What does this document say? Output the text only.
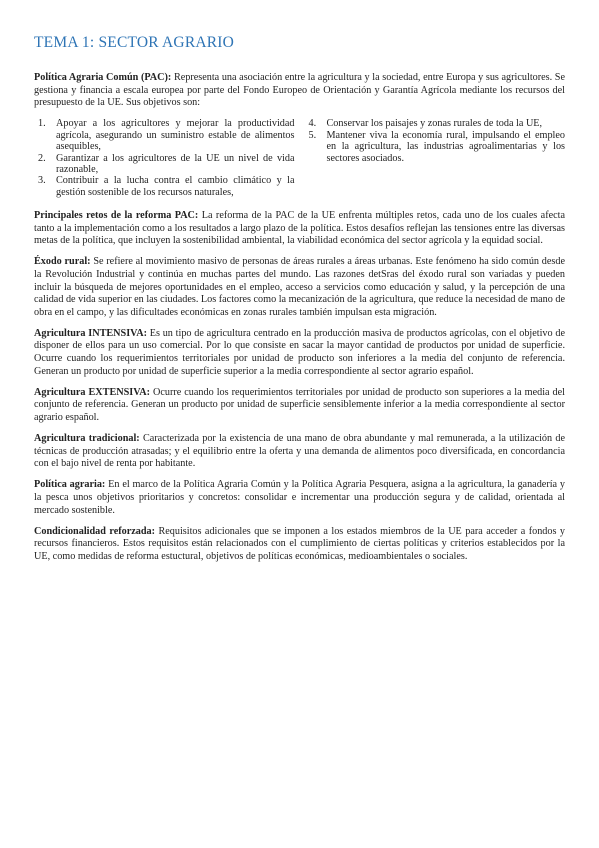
TEMA 1: SECTOR AGRARIO

Política Agraria Común (PAC): Representa una asociación entre la agricultura y la sociedad, entre Europa y sus agricultores. Se gestiona y financia a escala europea por parte del Fondo Europeo de Orientación y Garantía Agrícola mediante los recursos del presupuesto de la UE. Sus objetivos son:

1.	Apoyar a los agricultores y mejorar la productividad agrícola, asegurando un suministro estable de alimentos asequibles,
2.	Garantizar a los agricultores de la UE un nivel de vida razonable,
3.	Contribuir a la lucha contra el cambio climático y la gestión sostenible de los recursos naturales,
4.	Conservar los paisajes y zonas rurales de toda la UE,
5.	Mantener viva la economía rural, impulsando el empleo en la agricultura, las industrias agroalimentarias y los sectores asociados.

Principales retos de la reforma PAC: La reforma de la PAC de la UE enfrenta múltiples retos, cada uno de los cuales afecta tanto a la implementación como a los resultados a largo plazo de la política. Estos desafíos reflejan las tensiones entre las diversas metas de la política, que incluyen la sostenibilidad ambiental, la viabilidad económica del sector agrícola y la equidad social.

Éxodo rural: Se refiere al movimiento masivo de personas de áreas rurales a áreas urbanas. Este fenómeno ha sido común desde la Revolución Industrial y continúa en muchas partes del mundo. Las razones detSras del éxodo rural son variadas y pueden incluir la búsqueda de mejores oportunidades en el empleo, acceso a servicios como educación y salud, y la percepción de una calidad de vida superior en las ciudades. Los factores como la mecanización de la agricultura, que reduce la necesidad de mano de obra en el campo, y las dificultades económicas en zonas rurales también impulsan esta migración.

Agricultura INTENSIVA: Es un tipo de agricultura centrado en la producción masiva de productos agrícolas, con el objetivo de disponer de ellos para un uso comercial. Por lo que consiste en sacar la mayor cantidad de productos por unidad de superficie. Ocurre cuando los requerimientos territoriales por unidad de producto son inferiores a la media del conjunto de referencia. Generan un producto por unidad de superficie superior a la media correspondiente al sector agrario español.

Agricultura EXTENSIVA: Ocurre cuando los requerimientos territoriales por unidad de producto son superiores a la media del conjunto de referencia. Generan un producto por unidad de superficie sensiblemente inferior a la media correspondiente al sector agrario español.

Agricultura tradicional: Caracterizada por la existencia de una mano de obra abundante y mal remunerada, a la utilización de técnicas de producción atrasadas; y el equilibrio entre la oferta y una demanda de alimentos poco diversificada, en concordancia con el bajo nivel de renta por habitante.

Política agraria: En el marco de la Política Agraria Común y la Política Agraria Pesquera, asigna a la agricultura, la ganadería y la pesca unos objetivos prioritarios y concretos: consolidar e incrementar una producción segura y de calidad, orientada al mercado sostenible.

Condicionalidad reforzada: Requisitos adicionales que se imponen a los estados miembros de la UE para acceder a fondos y recursos financieros. Estos requisitos están relacionados con el cumplimiento de ciertas políticas y criterios establecidos por la UE, como medidas de reforma estuctural, objetivos de políticas económicas, medioambientales o sociales.
